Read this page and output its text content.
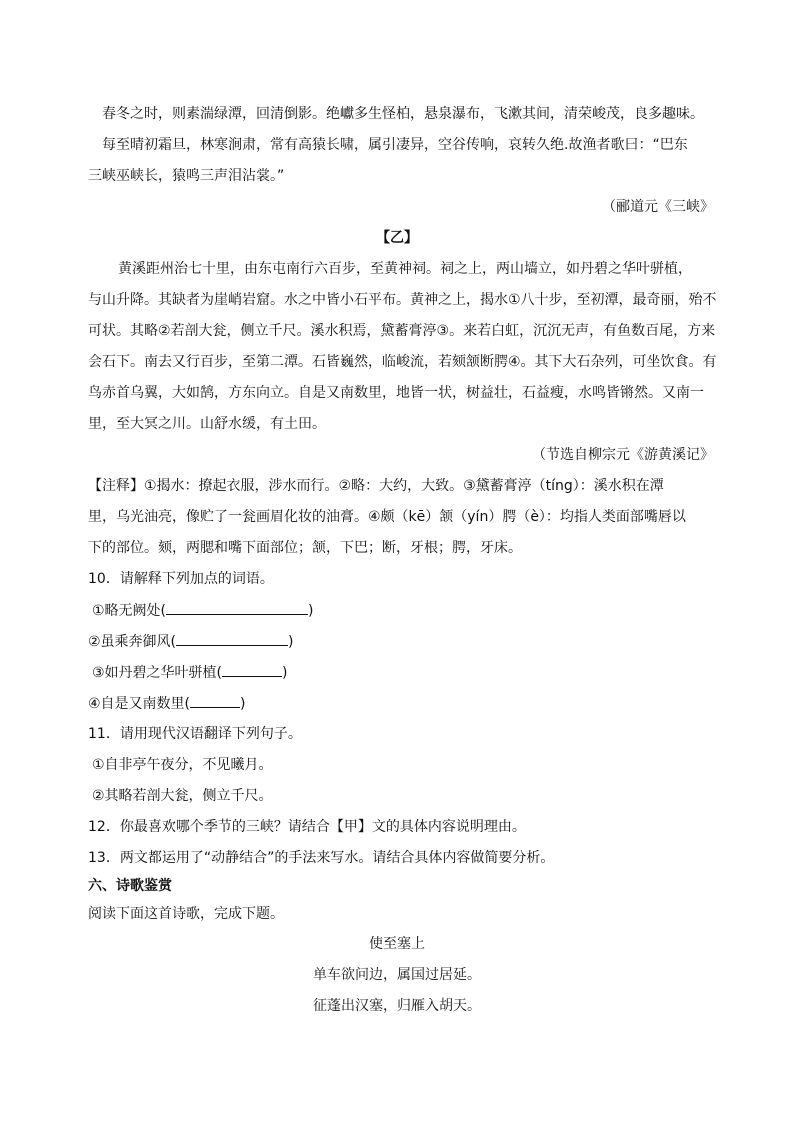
春冬之时，则素湍绿潭，回清倒影。绝巘多生怪柏，悬泉瀑布，飞漱其间，清荣峻茂，良多趣味。
每至晴初霜旦，林寒涧肃，常有高猿长啸，属引凄异，空谷传响，哀转久绝.故渔者歌曰：“巴东
三峡巫峡长，猿鸣三声泪沾裳。”
（郦道元《三峡》
【乙】
黄溪距州治七十里，由东屯南行六百步，至黄神祠。祠之上，两山墙立，如丹碧之华叶骈植，
与山升降。其缺者为崖峭岩窟。水之中皆小石平布。黄神之上，揭水①八十步，至初潭，最奇丽，殆不
可状。其略②若剖大瓮，侧立千尺。溪水积焉，黛蓄膏渟③。来若白虹，沉沉无声，有鱼数百尾，方来
会石下。南去又行百步，至第二潭。石皆巍然，临峻流，若颏颔断腭④。其下大石杂列，可坐饮食。有
鸟赤首乌翼，大如鹄，方东向立。自是又南数里，地皆一状，树益壮，石益瘦，水鸣皆锵然。又南一
里，至大冥之川。山舒水缓，有土田。
（节选自柳宗元《游黄溪记》
【注释】①揭水：撩起衣服，涉水而行。②略：大约，大致。③黛蓄膏渟（tíng）：溪水积在潭
里，乌光油亮，像贮了一瓮画眉化妆的油膏。④颇（kē）颔（yín）腭（è）：均指人类面部嘴唇以
下的部位。颏，两腮和嘴下面部位；颔，下巴；断，牙根；腭，牙床。
10．请解释下列加点的词语。
①略无阙处(	)
②虽乘奔御风(	)
③如丹碧之华叶骈植(	)
④自是又南数里(	)
11．请用现代汉语翻译下列句子。
①自非亭午夜分，不见曦月。
②其略若剖大瓮，侧立千尺。
12．你最喜欢哪个季节的三峡？请结合【甲】文的具体内容说明理由。
13．两文都运用了“动静结合”的手法来写水。请结合具体内容做简要分析。
六、诗歌鉴赏
阅读下面这首诗歌，完成下题。
使至塞上
单车欲问边，属国过居延。
征蓬出汉塞，归雁入胡天。
